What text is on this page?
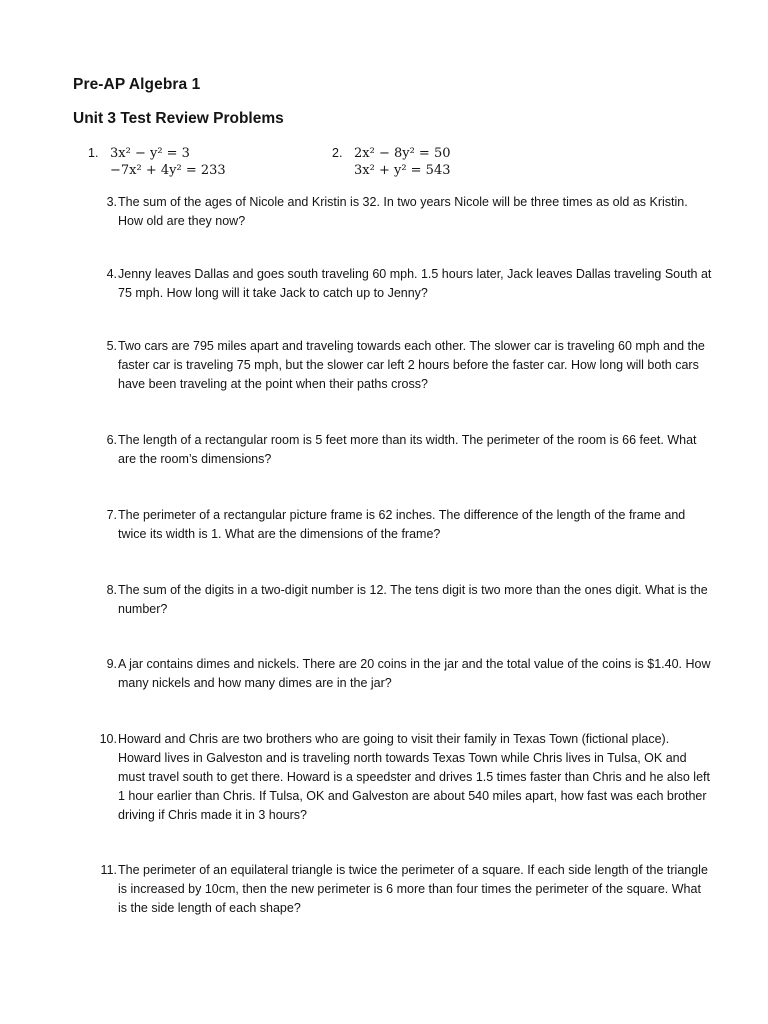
Pre-AP Algebra 1
Unit 3 Test Review Problems
1. 3x² − y² = 3
−7x² + 4y² = 233
2. 2x² − 8y² = 50
3x² + y² = 543
3. The sum of the ages of Nicole and Kristin is 32. In two years Nicole will be three times as old as Kristin. How old are they now?
4. Jenny leaves Dallas and goes south traveling 60 mph. 1.5 hours later, Jack leaves Dallas traveling South at 75 mph. How long will it take Jack to catch up to Jenny?
5. Two cars are 795 miles apart and traveling towards each other. The slower car is traveling 60 mph and the faster car is traveling 75 mph, but the slower car left 2 hours before the faster car. How long will both cars have been traveling at the point when their paths cross?
6. The length of a rectangular room is 5 feet more than its width. The perimeter of the room is 66 feet. What are the room’s dimensions?
7. The perimeter of a rectangular picture frame is 62 inches. The difference of the length of the frame and twice its width is 1. What are the dimensions of the frame?
8. The sum of the digits in a two-digit number is 12. The tens digit is two more than the ones digit. What is the number?
9. A jar contains dimes and nickels. There are 20 coins in the jar and the total value of the coins is $1.40. How many nickels and how many dimes are in the jar?
10. Howard and Chris are two brothers who are going to visit their family in Texas Town (fictional place). Howard lives in Galveston and is traveling north towards Texas Town while Chris lives in Tulsa, OK and must travel south to get there. Howard is a speedster and drives 1.5 times faster than Chris and he also left 1 hour earlier than Chris. If Tulsa, OK and Galveston are about 540 miles apart, how fast was each brother driving if Chris made it in 3 hours?
11. The perimeter of an equilateral triangle is twice the perimeter of a square. If each side length of the triangle is increased by 10cm, then the new perimeter is 6 more than four times the perimeter of the square. What is the side length of each shape?
